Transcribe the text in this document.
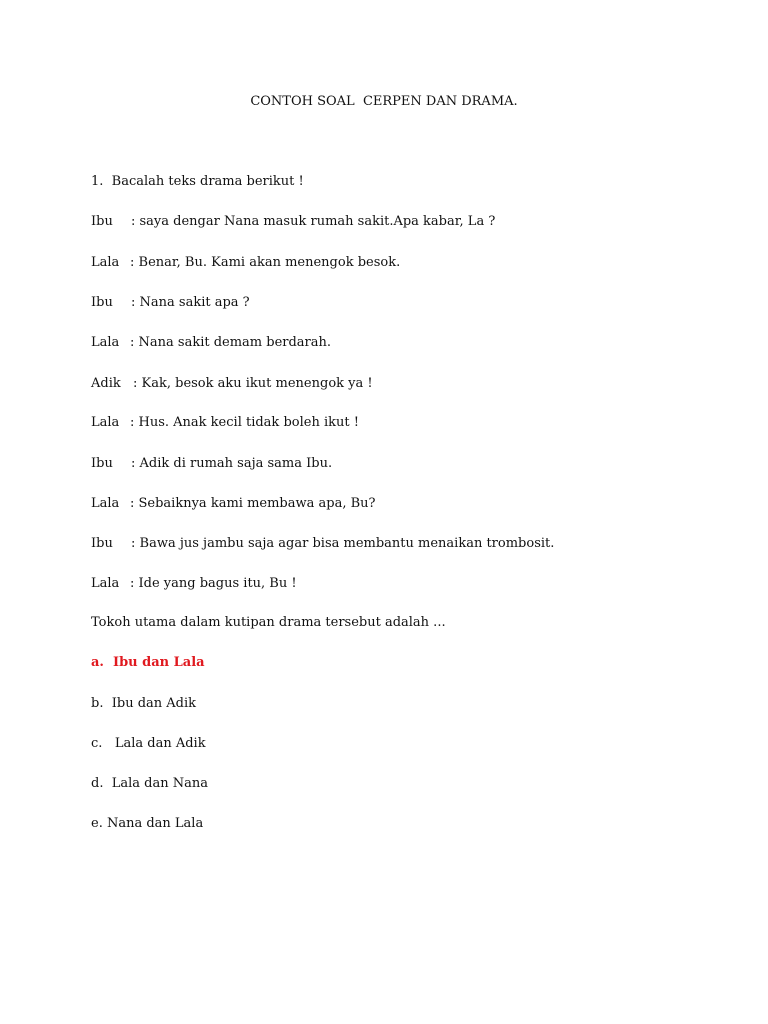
CONTOH SOAL  CERPEN DAN DRAMA.
1. Bacalah teks drama berikut !

Ibu

: saya dengar Nana masuk rumah sakit.Apa kabar, La ?

Lala

: Benar, Bu. Kami akan menengok besok.

Ibu

: Nana sakit apa ?

Lala

: Nana sakit demam berdarah.

Adik

: Kak, besok aku ikut menengok ya !

Lala

: Hus. Anak kecil tidak boleh ikut !

Ibu

: Adik di rumah saja sama Ibu.

Lala

: Sebaiknya kami membawa apa, Bu?

Ibu

: Bawa jus jambu saja agar bisa membantu menaikan trombosit.

Lala

: Ide yang bagus itu, Bu !

Tokoh utama dalam kutipan drama tersebut adalah ...
a. Ibu dan Lala
b. Ibu dan Adik
c.   Lala dan Adik
d. Lala dan Nana
e. Nana dan Lala
